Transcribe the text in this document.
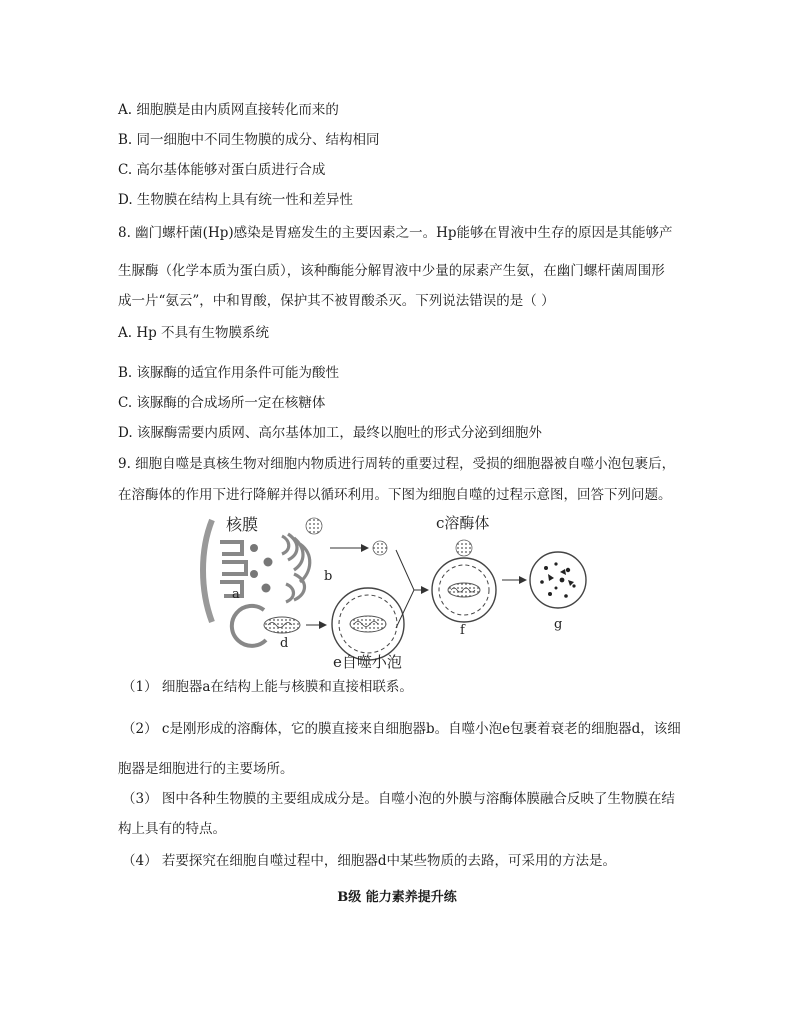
A. 细胞膜是由内质网直接转化而来的
B. 同一细胞中不同生物膜的成分、结构相同
C. 高尔基体能够对蛋白质进行合成
D. 生物膜在结构上具有统一性和差异性
8. 幽门螺杆菌(Hp)感染是胃癌发生的主要因素之一。Hp能够在胃液中生存的原因是其能够产
生脲酶（化学本质为蛋白质），该种酶能分解胃液中少量的尿素产生氨，在幽门螺杆菌周围形
成一片“氨云”，中和胃酸，保护其不被胃酸杀灭。下列说法错误的是（ ）
A. Hp 不具有生物膜系统
B. 该脲酶的适宜作用条件可能为酸性
C. 该脲酶的合成场所一定在核糖体
D. 该脲酶需要内质网、高尔基体加工，最终以胞吐的形式分泌到细胞外
9. 细胞自噬是真核生物对细胞内物质进行周转的重要过程，受损的细胞器被自噬小泡包裹后，
在溶酶体的作用下进行降解并得以循环利用。下图为细胞自噬的过程示意图，回答下列问题。
核膜
a
b
d
e自噬小泡
c溶酶体
f	g
（1） 细胞器a在结构上能与核膜和直接相联系。
（2） c是刚形成的溶酶体，它的膜直接来自细胞器b。自噬小泡e包裹着衰老的细胞器d，该细
胞器是细胞进行的主要场所。
（3） 图中各种生物膜的主要组成成分是。自噬小泡的外膜与溶酶体膜融合反映了生物膜在结
构上具有的特点。
（4） 若要探究在细胞自噬过程中，细胞器d中某些物质的去路，可采用的方法是。
B级 能力素养提升练
